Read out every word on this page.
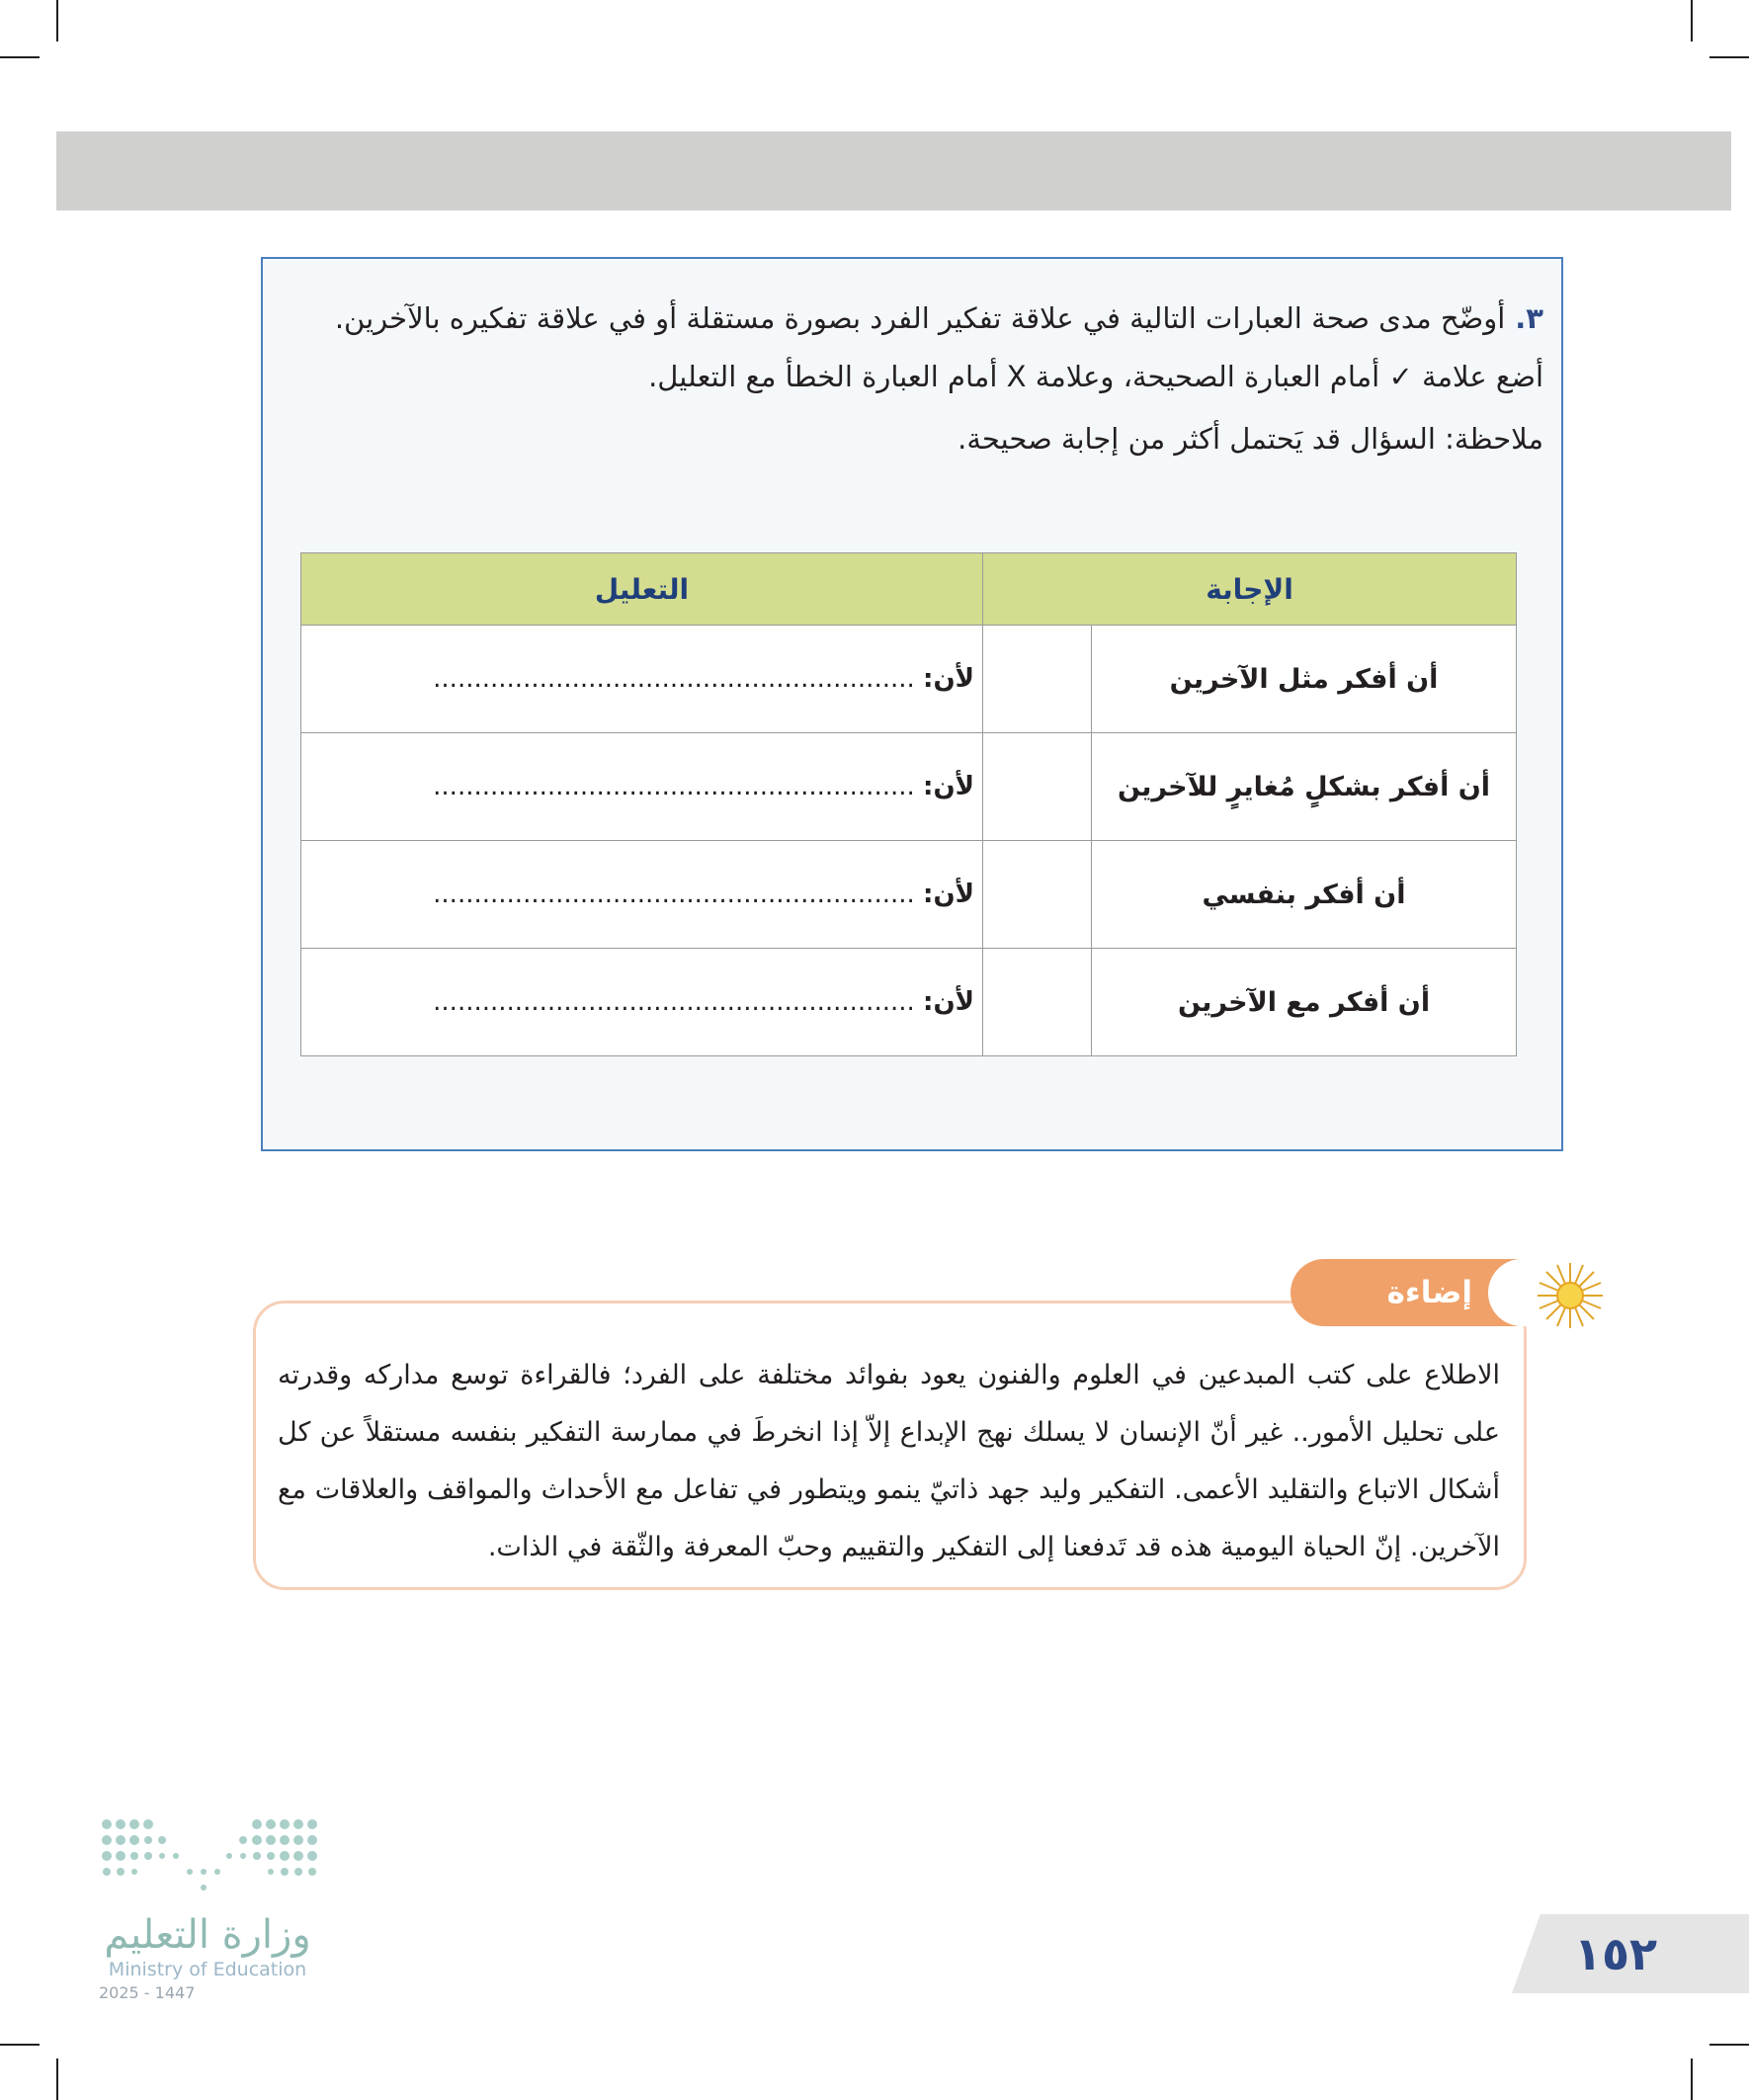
٣.أوضّح مدى صحة العبارات التالية في علاقة تفكير الفرد بصورة مستقلة أو في علاقة تفكيره بالآخرين.
أضع علامة ✓ أمام العبارة الصحيحة، وعلامة X أمام العبارة الخطأ مع التعليل.
ملاحظة: السؤال قد يَحتمل أكثر من إجابة صحيحة.
الإجابة		التعليل
أن أفكر مثل الآخرين		لأن: ...........................................................
أن أفكر بشكلٍ مُغايرٍ للآخرين		لأن: ...........................................................
أن أفكر بنفسي		لأن: ...........................................................
أن أفكر مع الآخرين		لأن: ...........................................................
الاطلاع على كتب المبدعين في العلوم والفنون يعود بفوائد مختلفة على الفرد؛ فالقراءة توسع مداركه وقدرته على تحليل الأمور.. غير أنّ الإنسان لا يسلك نهج الإبداع إلاّ إذا انخرطَ في ممارسة التفكير بنفسه مستقلاً عن كل أشكال الاتباع والتقليد الأعمى. التفكير وليد جهد ذاتيّ ينمو ويتطور في تفاعل مع الأحداث والمواقف والعلاقات مع الآخرين. إنّ الحياة اليومية هذه قد تَدفعنا إلى التفكير والتقييم وحبّ المعرفة والثّقة في الذات.
إضاءة
وزارة التعليم
Ministry of Education
2025 - 1447
١٥٢
